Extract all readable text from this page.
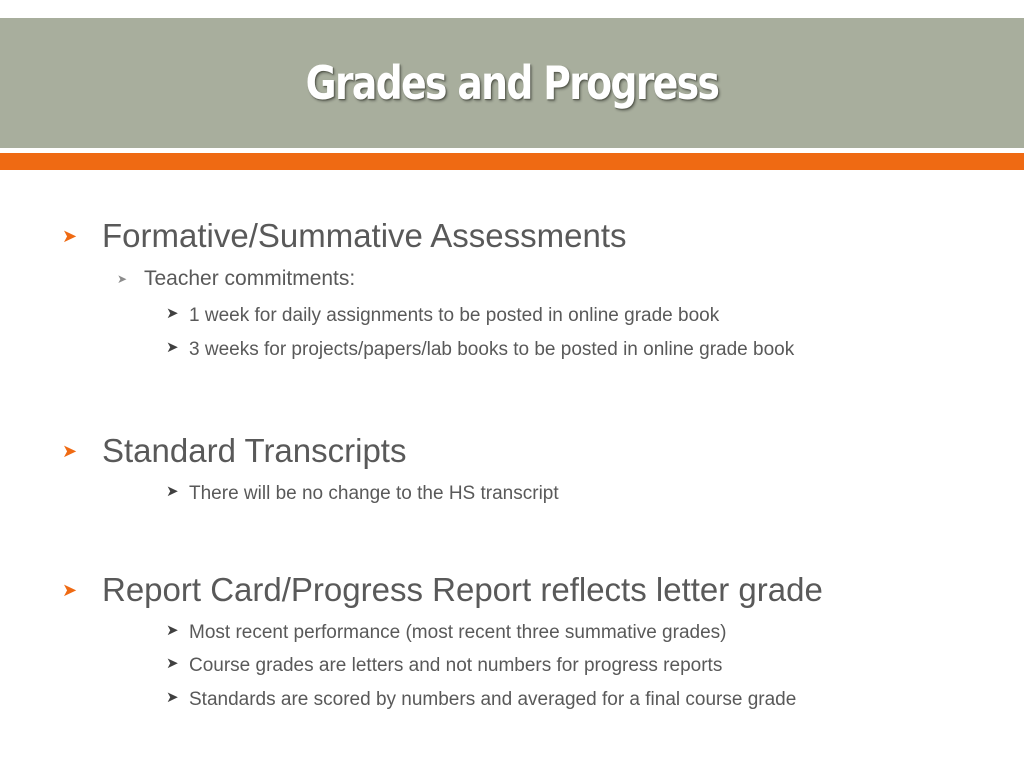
Grades and Progress
➤ Formative/Summative Assessments
➤ Teacher commitments:
➤ 1 week for daily assignments to be posted in online grade book
➤ 3 weeks for projects/papers/lab books to be posted in online grade book
➤ Standard Transcripts
➤ There will be no change to the HS transcript
➤ Report Card/Progress Report reflects letter grade
➤ Most recent performance (most recent three summative grades)
➤ Course grades are letters and not numbers for progress reports
➤ Standards are scored by numbers and averaged for a final course grade
